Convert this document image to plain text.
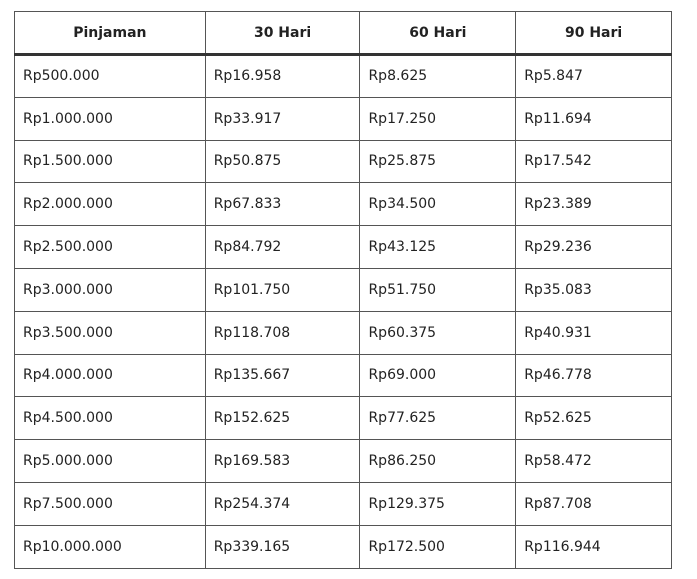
Pinjaman	30 Hari	60 Hari	90 Hari
Rp500.000	Rp16.958	Rp8.625	Rp5.847
Rp1.000.000	Rp33.917	Rp17.250	Rp11.694
Rp1.500.000	Rp50.875	Rp25.875	Rp17.542
Rp2.000.000	Rp67.833	Rp34.500	Rp23.389
Rp2.500.000	Rp84.792	Rp43.125	Rp29.236
Rp3.000.000	Rp101.750	Rp51.750	Rp35.083
Rp3.500.000	Rp118.708	Rp60.375	Rp40.931
Rp4.000.000	Rp135.667	Rp69.000	Rp46.778
Rp4.500.000	Rp152.625	Rp77.625	Rp52.625
Rp5.000.000	Rp169.583	Rp86.250	Rp58.472
Rp7.500.000	Rp254.374	Rp129.375	Rp87.708
Rp10.000.000	Rp339.165	Rp172.500	Rp116.944
